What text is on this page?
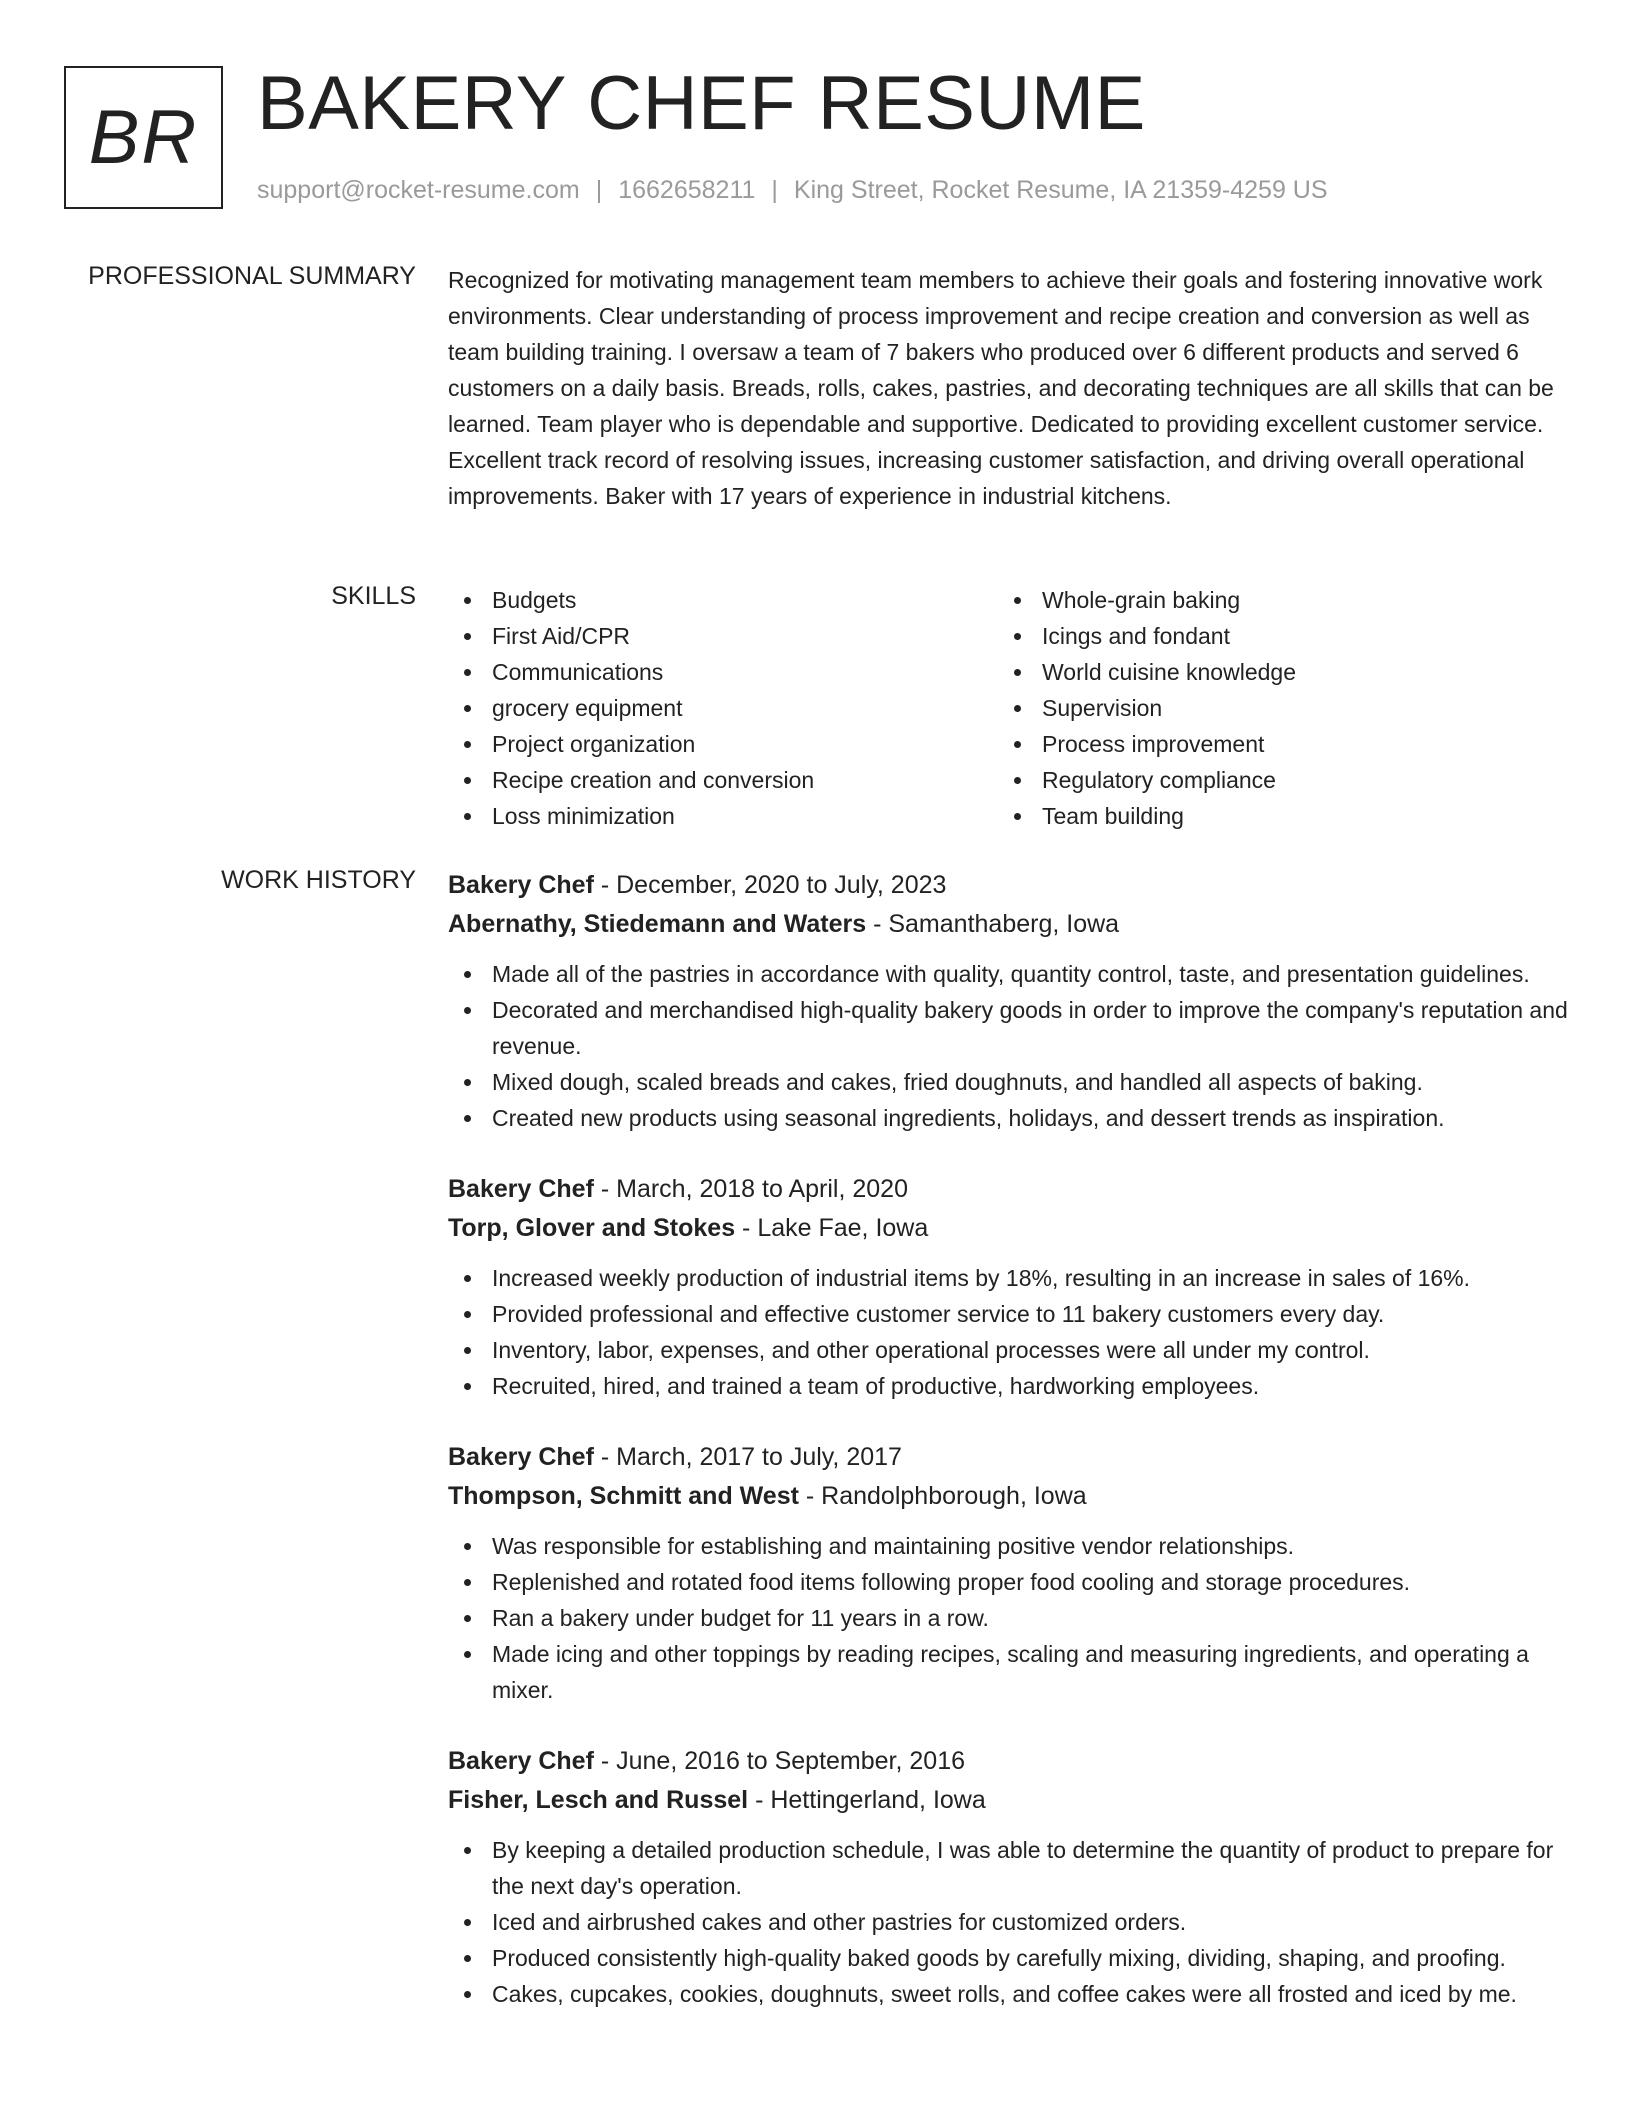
BR BAKERY CHEF RESUME
support@rocket-resume.com | 1662658211 | King Street, Rocket Resume, IA 21359-4259 US
PROFESSIONAL SUMMARY Recognized for motivating management team members to achieve their goals and fostering innovative work environments. Clear understanding of process improvement and recipe creation and conversion as well as team building training. I oversaw a team of 7 bakers who produced over 6 different products and served 6 customers on a daily basis. Breads, rolls, cakes, pastries, and decorating techniques are all skills that can be learned. Team player who is dependable and supportive. Dedicated to providing excellent customer service. Excellent track record of resolving issues, increasing customer satisfaction, and driving overall operational improvements. Baker with 17 years of experience in industrial kitchens.
SKILLS	Budgets
First Aid/CPR
Communications
grocery equipment
Project organization
Recipe creation and conversion
Loss minimization
Whole-grain baking
Icings and fondant
World cuisine knowledge
Supervision
Process improvement
Regulatory compliance
Team building
WORK HISTORY Bakery Chef - December, 2020 to July, 2023
Abernathy, Stiedemann and Waters - Samanthaberg, Iowa
Made all of the pastries in accordance with quality, quantity control, taste, and presentation guidelines.
Decorated and merchandised high-quality bakery goods in order to improve the company's reputation and revenue.
Mixed dough, scaled breads and cakes, fried doughnuts, and handled all aspects of baking.
Created new products using seasonal ingredients, holidays, and dessert trends as inspiration.
Bakery Chef - March, 2018 to April, 2020
Torp, Glover and Stokes - Lake Fae, Iowa
Increased weekly production of industrial items by 18%, resulting in an increase in sales of 16%.
Provided professional and effective customer service to 11 bakery customers every day.
Inventory, labor, expenses, and other operational processes were all under my control.
Recruited, hired, and trained a team of productive, hardworking employees.
Bakery Chef - March, 2017 to July, 2017
Thompson, Schmitt and West - Randolphborough, Iowa
Was responsible for establishing and maintaining positive vendor relationships.
Replenished and rotated food items following proper food cooling and storage procedures.
Ran a bakery under budget for 11 years in a row.
Made icing and other toppings by reading recipes, scaling and measuring ingredients, and operating a mixer.
Bakery Chef - June, 2016 to September, 2016
Fisher, Lesch and Russel - Hettingerland, Iowa
By keeping a detailed production schedule, I was able to determine the quantity of product to prepare for the next day's operation.
Iced and airbrushed cakes and other pastries for customized orders.
Produced consistently high-quality baked goods by carefully mixing, dividing, shaping, and proofing.
Cakes, cupcakes, cookies, doughnuts, sweet rolls, and coffee cakes were all frosted and iced by me.
